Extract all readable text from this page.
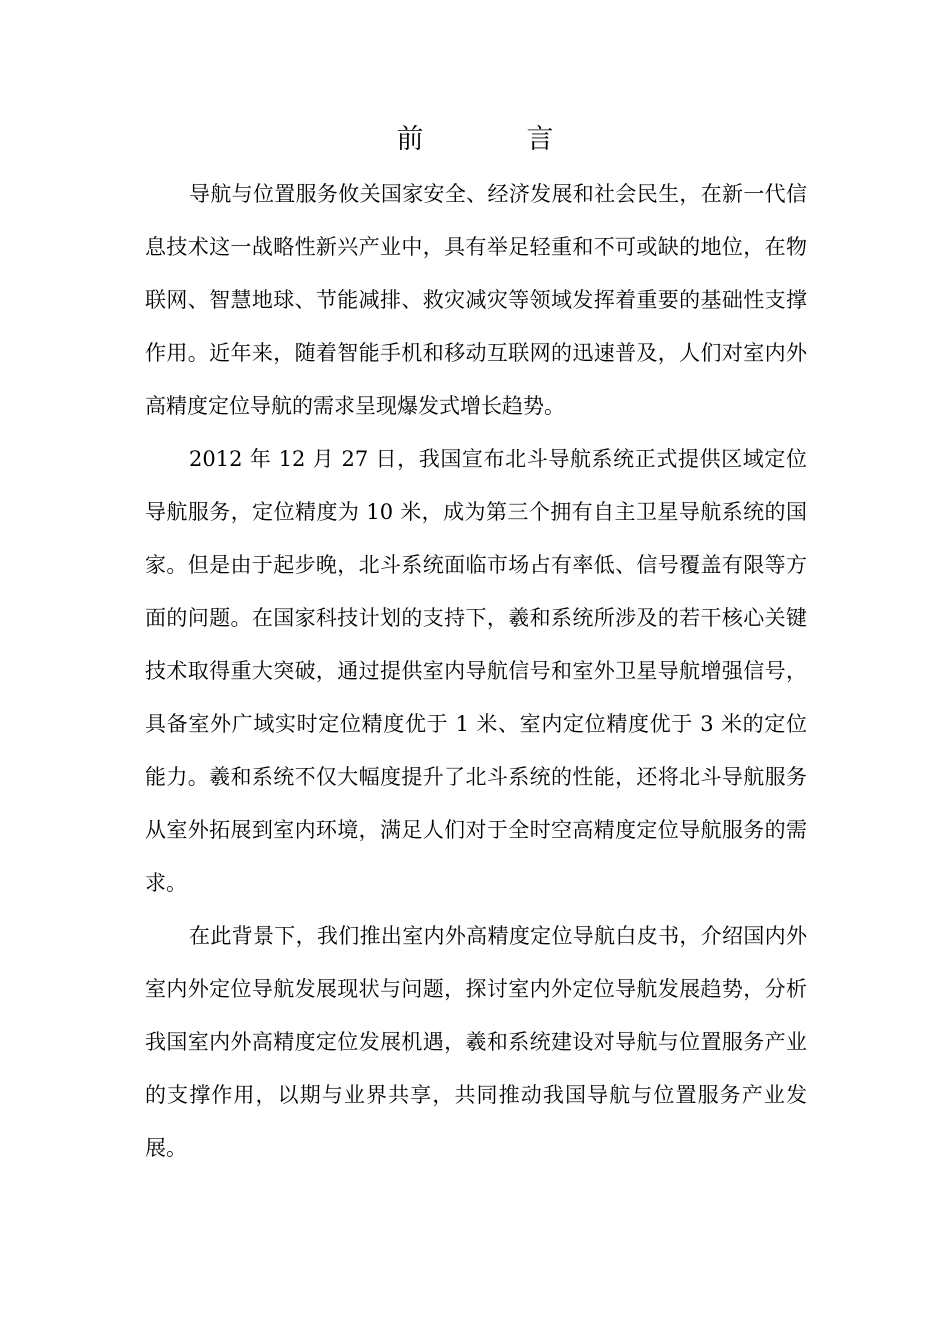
前　言

导航与位置服务攸关国家安全、经济发展和社会民生，在新一代信息技术这一战略性新兴产业中，具有举足轻重和不可或缺的地位，在物联网、智慧地球、节能减排、救灾减灾等领域发挥着重要的基础性支撑作用。近年来，随着智能手机和移动互联网的迅速普及，人们对室内外高精度定位导航的需求呈现爆发式增长趋势。

2012 年 12 月 27 日，我国宣布北斗导航系统正式提供区域定位导航服务，定位精度为 10 米，成为第三个拥有自主卫星导航系统的国家。但是由于起步晚，北斗系统面临市场占有率低、信号覆盖有限等方面的问题。在国家科技计划的支持下，羲和系统所涉及的若干核心关键技术取得重大突破，通过提供室内导航信号和室外卫星导航增强信号，具备室外广域实时定位精度优于 1 米、室内定位精度优于 3 米的定位能力。羲和系统不仅大幅度提升了北斗系统的性能，还将北斗导航服务从室外拓展到室内环境，满足人们对于全时空高精度定位导航服务的需求。

在此背景下，我们推出室内外高精度定位导航白皮书，介绍国内外室内外定位导航发展现状与问题，探讨室内外定位导航发展趋势，分析我国室内外高精度定位发展机遇，羲和系统建设对导航与位置服务产业的支撑作用，以期与业界共享，共同推动我国导航与位置服务产业发展。
